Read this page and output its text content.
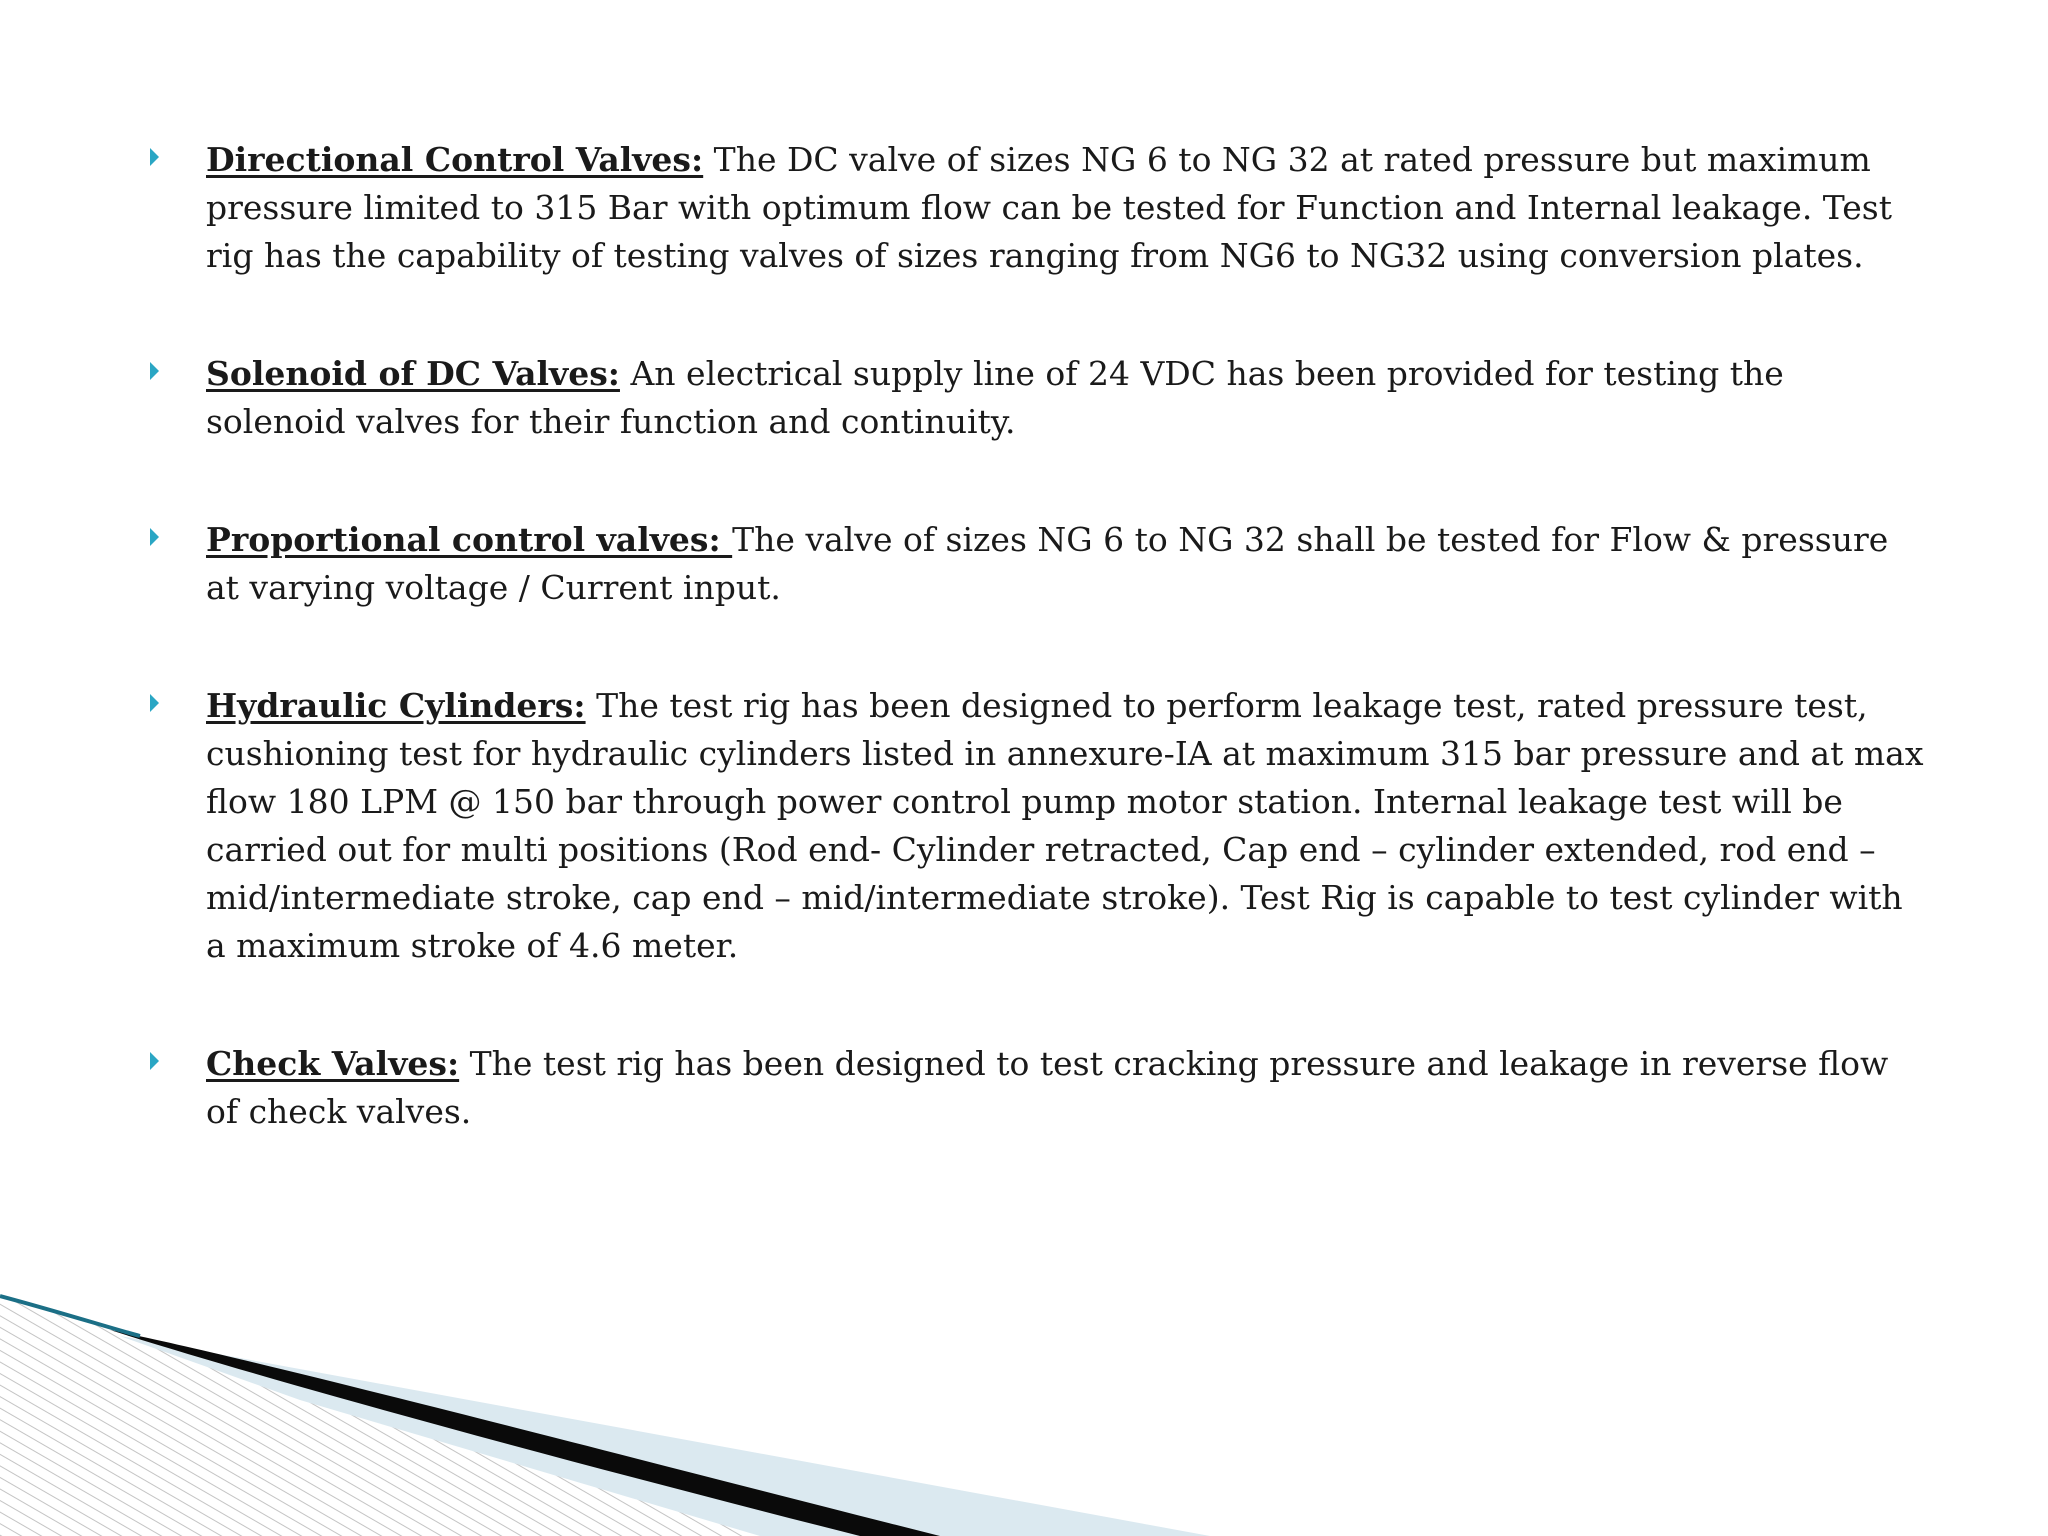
Directional Control Valves: The DC valve of sizes NG 6 to NG 32 at rated pressure but maximum pressure limited to 315 Bar with optimum flow can be tested for Function and Internal leakage. Test rig has the capability of testing valves of sizes ranging from NG6 to NG32 using conversion plates.
Solenoid of DC Valves: An electrical supply line of 24 VDC has been provided for testing the solenoid valves for their function and continuity.
Proportional control valves: The valve of sizes NG 6 to NG 32 shall be tested for Flow & pressure at varying voltage / Current input.
Hydraulic Cylinders: The test rig has been designed to perform leakage test, rated pressure test, cushioning test for hydraulic cylinders listed in annexure-IA at maximum 315 bar pressure and at max flow 180 LPM @ 150 bar through power control pump motor station. Internal leakage test will be carried out for multi positions (Rod end- Cylinder retracted, Cap end – cylinder extended, rod end –mid/intermediate stroke, cap end – mid/intermediate stroke). Test Rig is capable to test cylinder with a maximum stroke of 4.6 meter.
Check Valves: The test rig has been designed to test cracking pressure and leakage in reverse flow of check valves.
